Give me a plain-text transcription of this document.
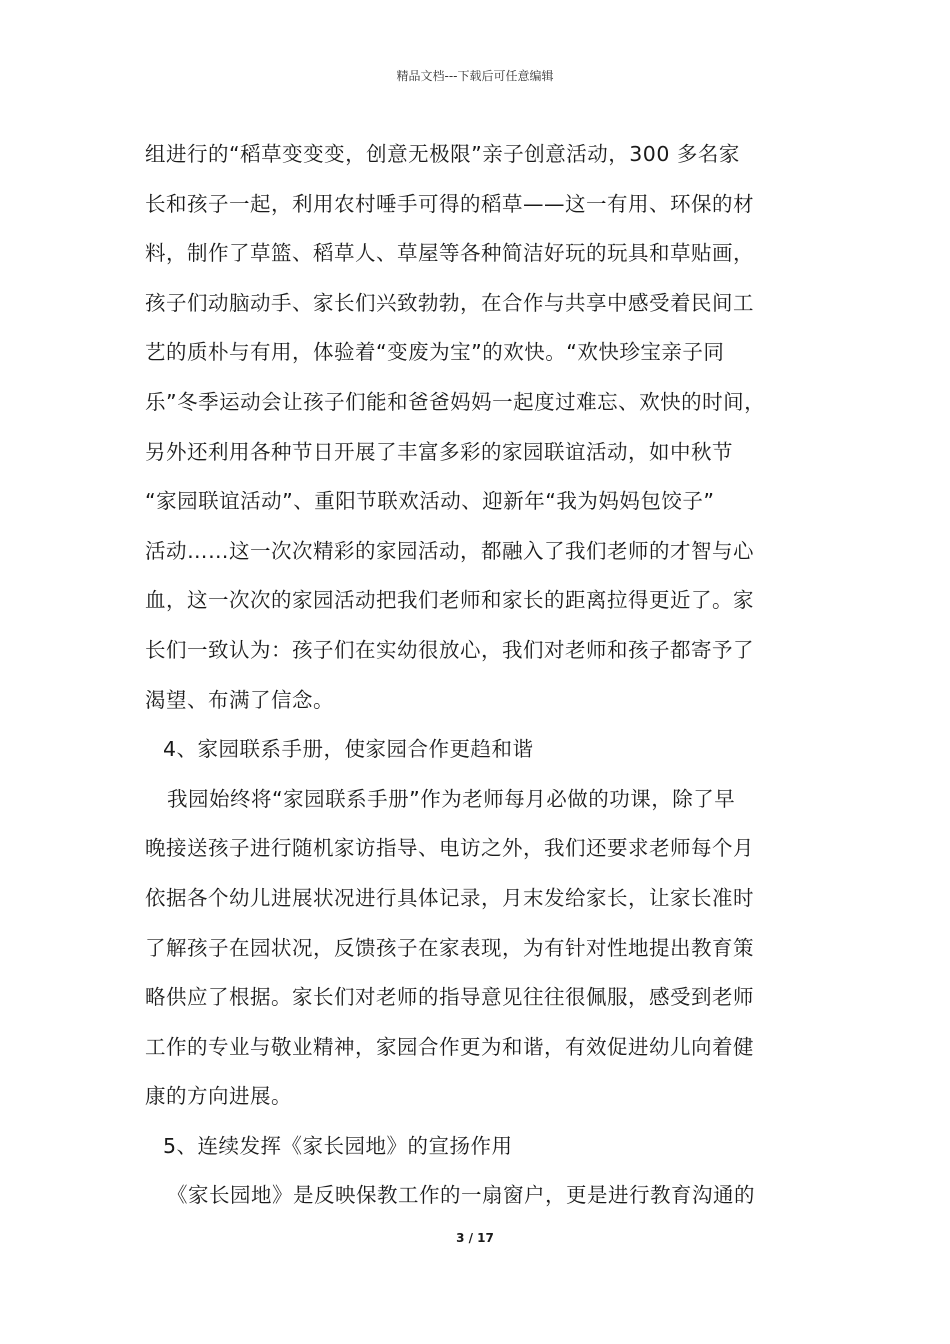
精品文档---下载后可任意编辑
组进行的“稻草变变变，创意无极限”亲子创意活动，300 多名家
长和孩子一起，利用农村唾手可得的稻草——这一有用、环保的材
料，制作了草篮、稻草人、草屋等各种简洁好玩的玩具和草贴画，
孩子们动脑动手、家长们兴致勃勃，在合作与共享中感受着民间工
艺的质朴与有用，体验着“变废为宝”的欢快。“欢快珍宝亲子同
乐”冬季运动会让孩子们能和爸爸妈妈一起度过难忘、欢快的时间，
另外还利用各种节日开展了丰富多彩的家园联谊活动，如中秋节
“家园联谊活动”、重阳节联欢活动、迎新年“我为妈妈包饺子”
活动……这一次次精彩的家园活动，都融入了我们老师的才智与心
血，这一次次的家园活动把我们老师和家长的距离拉得更近了。家
长们一致认为：孩子们在实幼很放心，我们对老师和孩子都寄予了
渴望、布满了信念。
4、家园联系手册，使家园合作更趋和谐
我园始终将“家园联系手册”作为老师每月必做的功课，除了早
晚接送孩子进行随机家访指导、电访之外，我们还要求老师每个月
依据各个幼儿进展状况进行具体记录，月末发给家长，让家长准时
了解孩子在园状况，反馈孩子在家表现，为有针对性地提出教育策
略供应了根据。家长们对老师的指导意见往往很佩服，感受到老师
工作的专业与敬业精神，家园合作更为和谐，有效促进幼儿向着健
康的方向进展。
5、连续发挥《家长园地》的宣扬作用
《家长园地》是反映保教工作的一扇窗户，更是进行教育沟通的
3 / 17
